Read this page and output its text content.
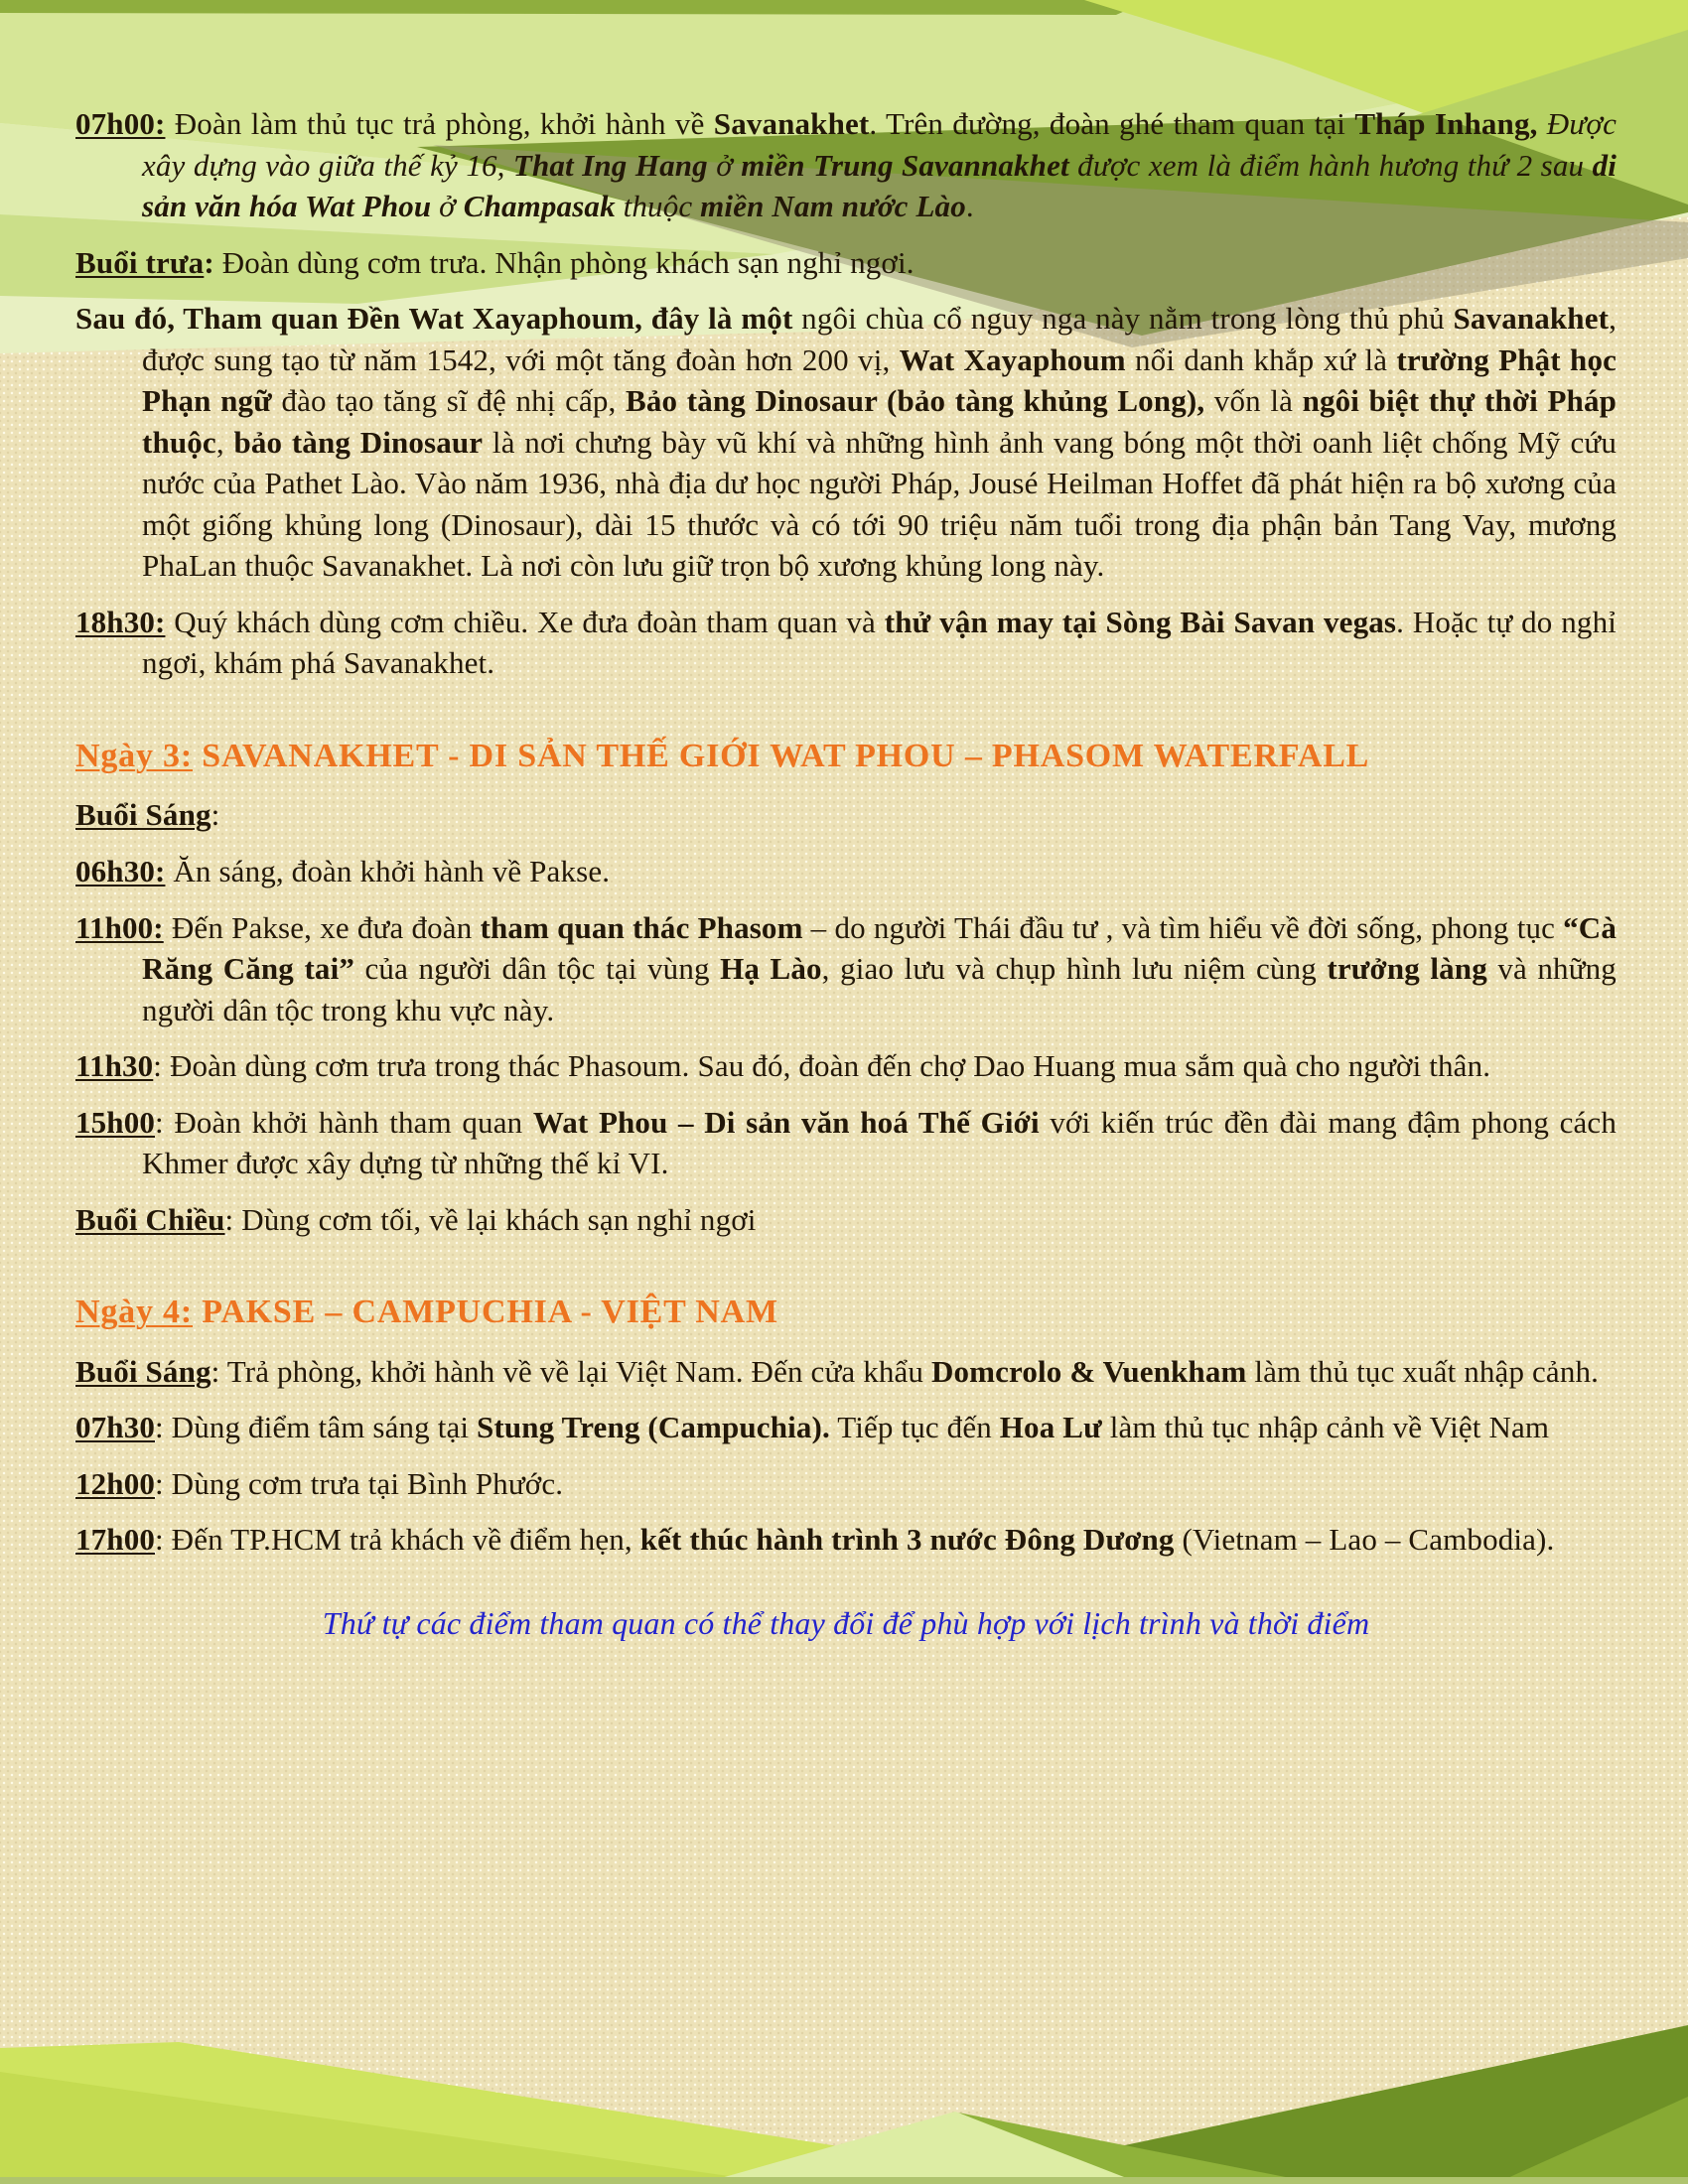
07h00: Đoàn làm thủ tục trả phòng, khởi hành về Savanakhet. Trên đường, đoàn ghé tham quan tại Tháp Inhang, Được xây dựng vào giữa thế kỷ 16, That Ing Hang ở miền Trung Savannakhet được xem là điểm hành hương thứ 2 sau di sản văn hóa Wat Phou ở Champasak thuộc miền Nam nước Lào.
Buổi trưa: Đoàn dùng cơm trưa. Nhận phòng khách sạn nghỉ ngơi.
Sau đó, Tham quan Đền Wat Xayaphoum, đây là một ngôi chùa cổ nguy nga này nằm trong lòng thủ phủ Savanakhet, được sung tạo từ năm 1542, với một tăng đoàn hơn 200 vị, Wat Xayaphoum nổi danh khắp xứ là trường Phật học Phạn ngữ đào tạo tăng sĩ đệ nhị cấp, Bảo tàng Dinosaur (bảo tàng khủng Long), vốn là ngôi biệt thự thời Pháp thuộc, bảo tàng Dinosaur là nơi chưng bày vũ khí và những hình ảnh vang bóng một thời oanh liệt chống Mỹ cứu nước của Pathet Lào. Vào năm 1936, nhà địa dư học người Pháp, Jousé Heilman Hoffet đã phát hiện ra bộ xương của một giống khủng long (Dinosaur), dài 15 thước và có tới 90 triệu năm tuổi trong địa phận bản Tang Vay, mương PhaLan thuộc Savanakhet. Là nơi còn lưu giữ trọn bộ xương khủng long này.
18h30: Quý khách dùng cơm chiều. Xe đưa đoàn tham quan và thử vận may tại Sòng Bài Savan vegas. Hoặc tự do nghỉ ngơi, khám phá Savanakhet.
Ngày 3: SAVANAKHET - DI SẢN THẾ GIỚI WAT PHOU – PHASOM WATERFALL
Buổi Sáng:
06h30: Ăn sáng, đoàn khởi hành về Pakse.
11h00: Đến Pakse, xe đưa đoàn tham quan thác Phasom – do người Thái đầu tư , và tìm hiểu về đời sống, phong tục “Cà Răng Căng tai” của người dân tộc tại vùng Hạ Lào, giao lưu và chụp hình lưu niệm cùng trưởng làng và những người dân tộc trong khu vực này.
11h30: Đoàn dùng cơm trưa trong thác Phasoum. Sau đó, đoàn đến chợ Dao Huang mua sắm quà cho người thân.
15h00: Đoàn khởi hành tham quan Wat Phou – Di sản văn hoá Thế Giới với kiến trúc đền đài mang đậm phong cách Khmer được xây dựng từ những thế kỉ VI.
Buổi Chiều: Dùng cơm tối, về lại khách sạn nghỉ ngơi
Ngày 4: PAKSE – CAMPUCHIA - VIỆT NAM
Buổi Sáng: Trả phòng, khởi hành về về lại Việt Nam. Đến cửa khẩu Domcrolo & Vuenkham làm thủ tục xuất nhập cảnh.
07h30: Dùng điểm tâm sáng tại Stung Treng (Campuchia). Tiếp tục đến Hoa Lư làm thủ tục nhập cảnh về Việt Nam
12h00: Dùng cơm trưa tại Bình Phước.
17h00: Đến TP.HCM trả khách về điểm hẹn, kết thúc hành trình 3 nước Đông Dương (Vietnam – Lao – Cambodia).
Thứ tự các điểm tham quan có thể thay đổi để phù hợp với lịch trình và thời điểm
